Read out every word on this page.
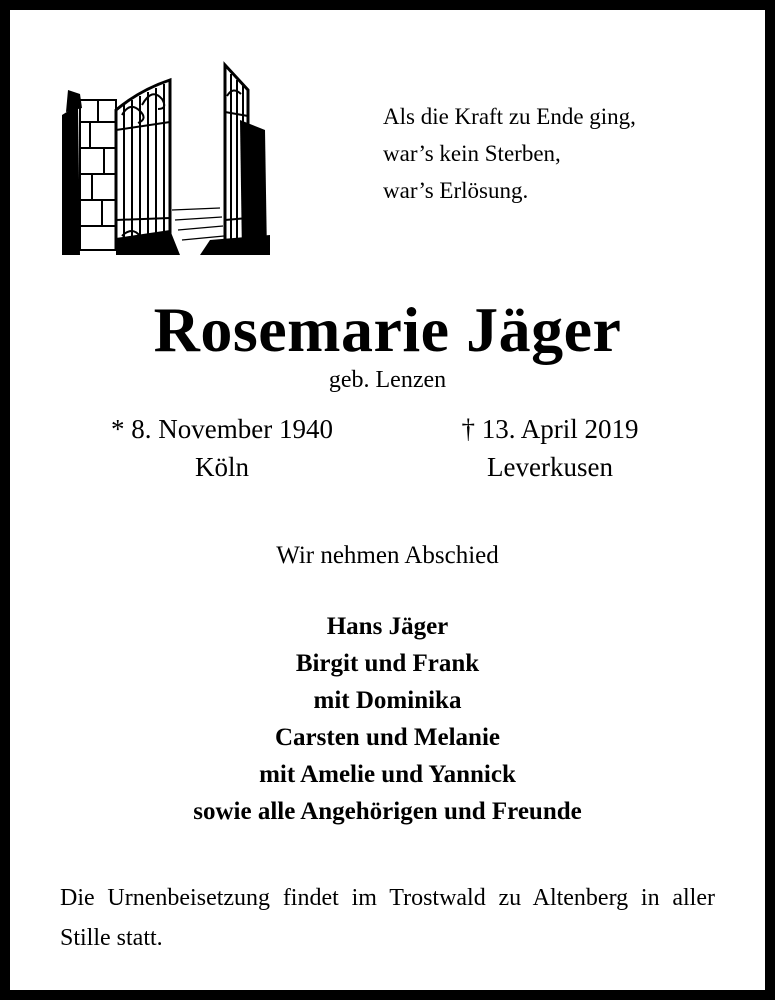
Als die Kraft zu Ende ging,
war’s kein Sterben,
war’s Erlösung.
Rosemarie Jäger
geb. Lenzen
* 8. November 1940
Köln
† 13. April 2019
Leverkusen
Wir nehmen Abschied
Hans Jäger
Birgit und Frank
mit Dominika
Carsten und Melanie
mit Amelie und Yannick
sowie alle Angehörigen und Freunde
Die Urnenbeisetzung findet im Trostwald zu Altenberg in aller Stille statt.
